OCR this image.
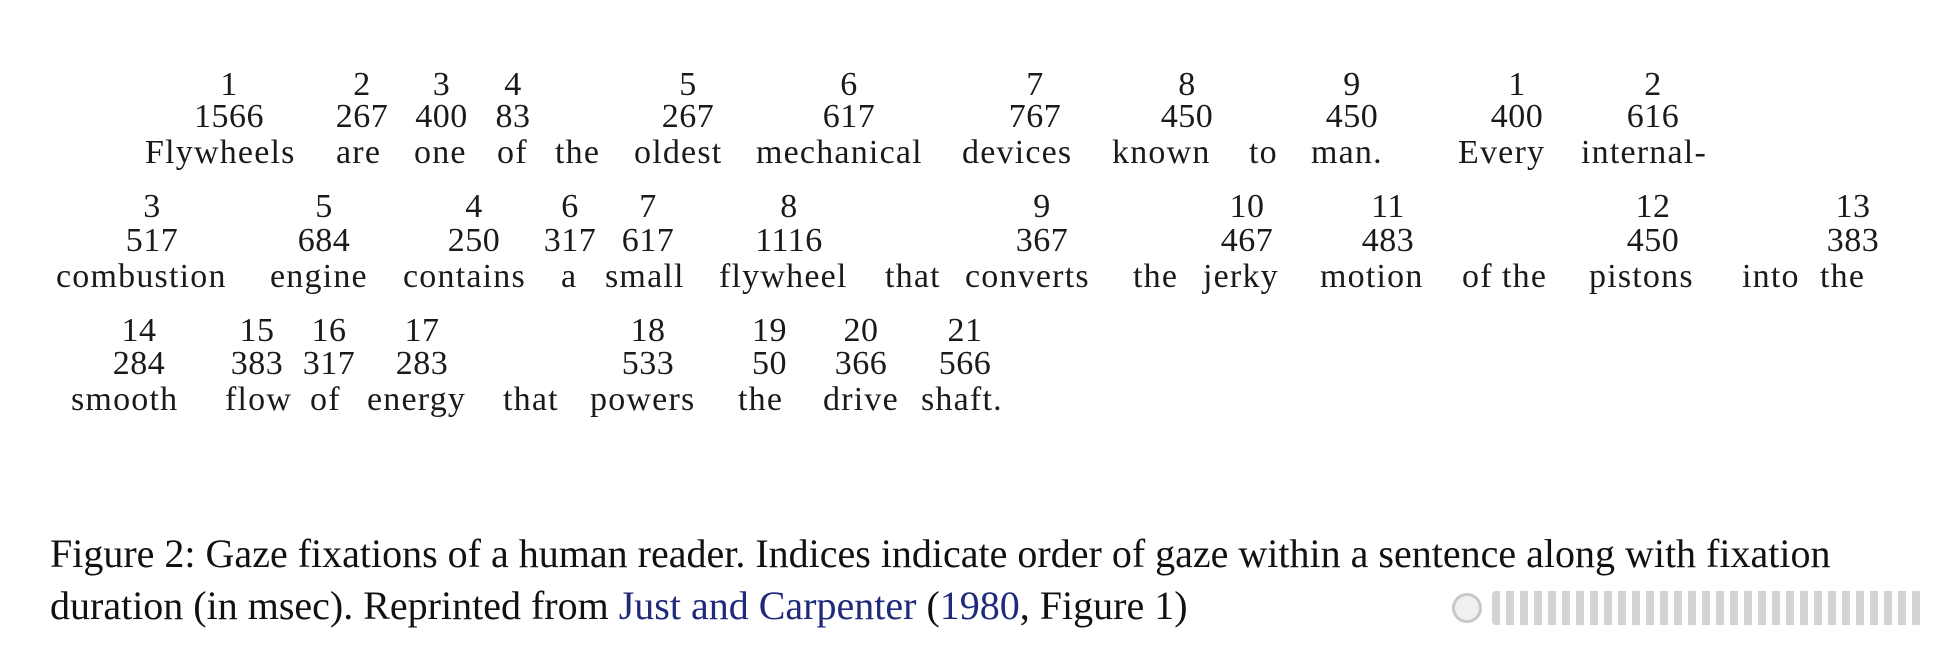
1
1566
Flywheels
2
267
are
3
400
one
4
83
of the
5
267
oldest
6
617
mechanical
7
767
devices
8
450
known to
9
450
man.
1
400
Every
2
616
internal-
3
517
combustion
5
684
engine
4
250
contains
6
317
a
7
617
small
8
1116
flywheel that
9
367
converts the
10
467
jerky
11
483
motion of the
12
450
pistons into
13
383
the
14
284
smooth
15
383
flow
16
317
of
17
283
energy that
18
533
powers
19
50
the
20
366
drive
21
566
shaft.
Figure 2: Gaze fixations of a human reader. Indices indicate order of gaze within a sentence along with fixation duration (in msec). Reprinted from Just and Carpenter (1980, Figure 1)
